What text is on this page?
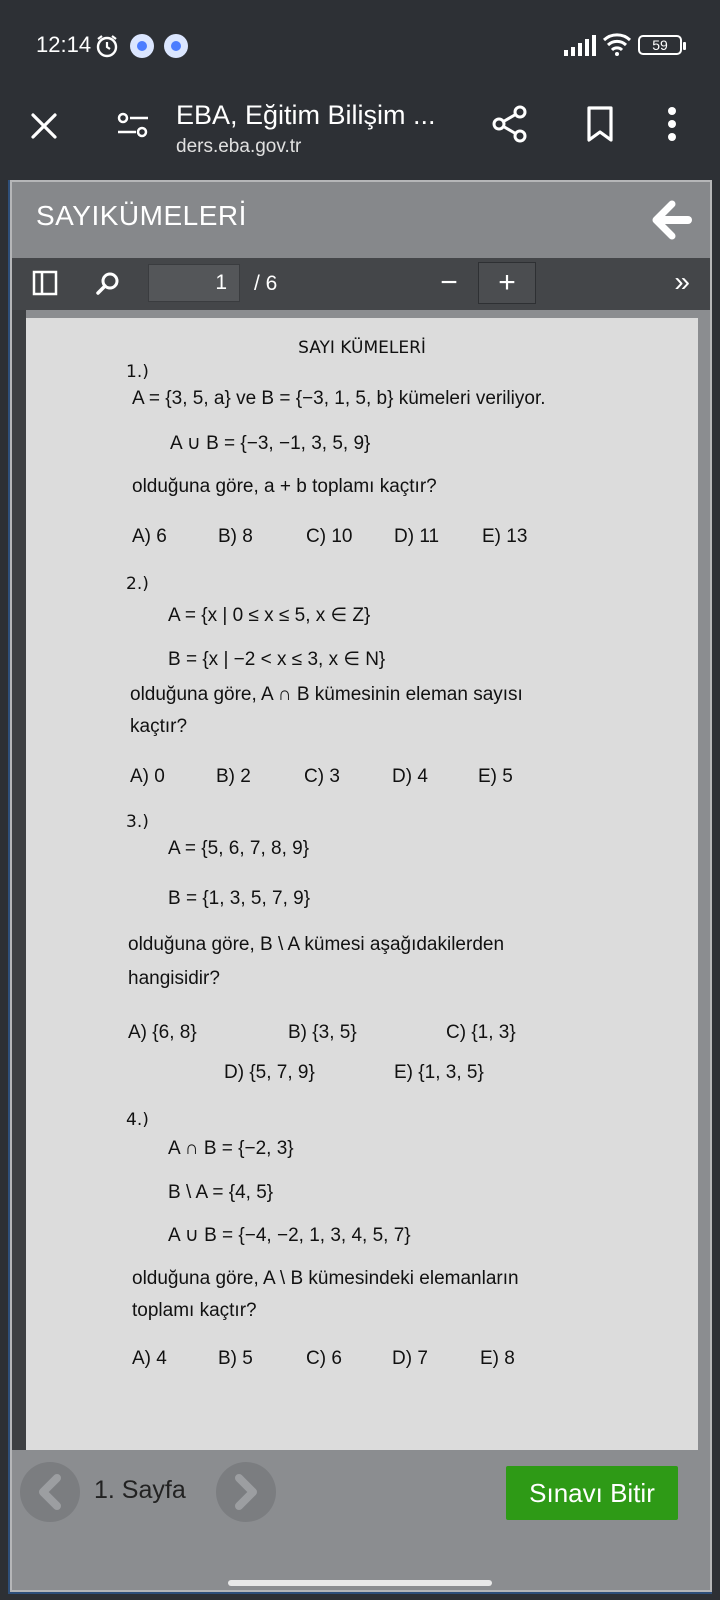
12:14	59
EBA, Eğitim Bilişim ...
ders.eba.gov.tr
SAYIKÜMELERİ
1	/ 6	−	+	»
SAYI KÜMELERİ
1.)
A = {3, 5, a} ve B = {−3, 1, 5, b} kümeleri veriliyor.
A ∪ B = {−3, −1, 3, 5, 9}
olduğuna göre, a + b toplamı kaçtır?
A) 6	B) 8	C) 10 D) 11 E) 13
2.)
A = {x | 0 ≤ x ≤ 5, x ∈ Z}
B = {x | −2 < x ≤ 3, x ∈ N}
olduğuna göre, A ∩ B kümesinin eleman sayısı
kaçtır?
A) 0	B) 2	C) 3	D) 4	E) 5
3.)
A = {5, 6, 7, 8, 9}
B = {1, 3, 5, 7, 9}
olduğuna göre, B \ A kümesi aşağıdakilerden
hangisidir?
A) {6, 8}	B) {3, 5}	C) {1, 3}
D) {5, 7, 9}	E) {1, 3, 5}
4.)
A ∩ B = {−2, 3}
B \ A = {4, 5}
A ∪ B = {−4, −2, 1, 3, 4, 5, 7}
olduğuna göre, A \ B kümesindeki elemanların
toplamı kaçtır?
A) 4	B) 5	C) 6	D) 7	E) 8
1. Sayfa	Sınavı Bitir
